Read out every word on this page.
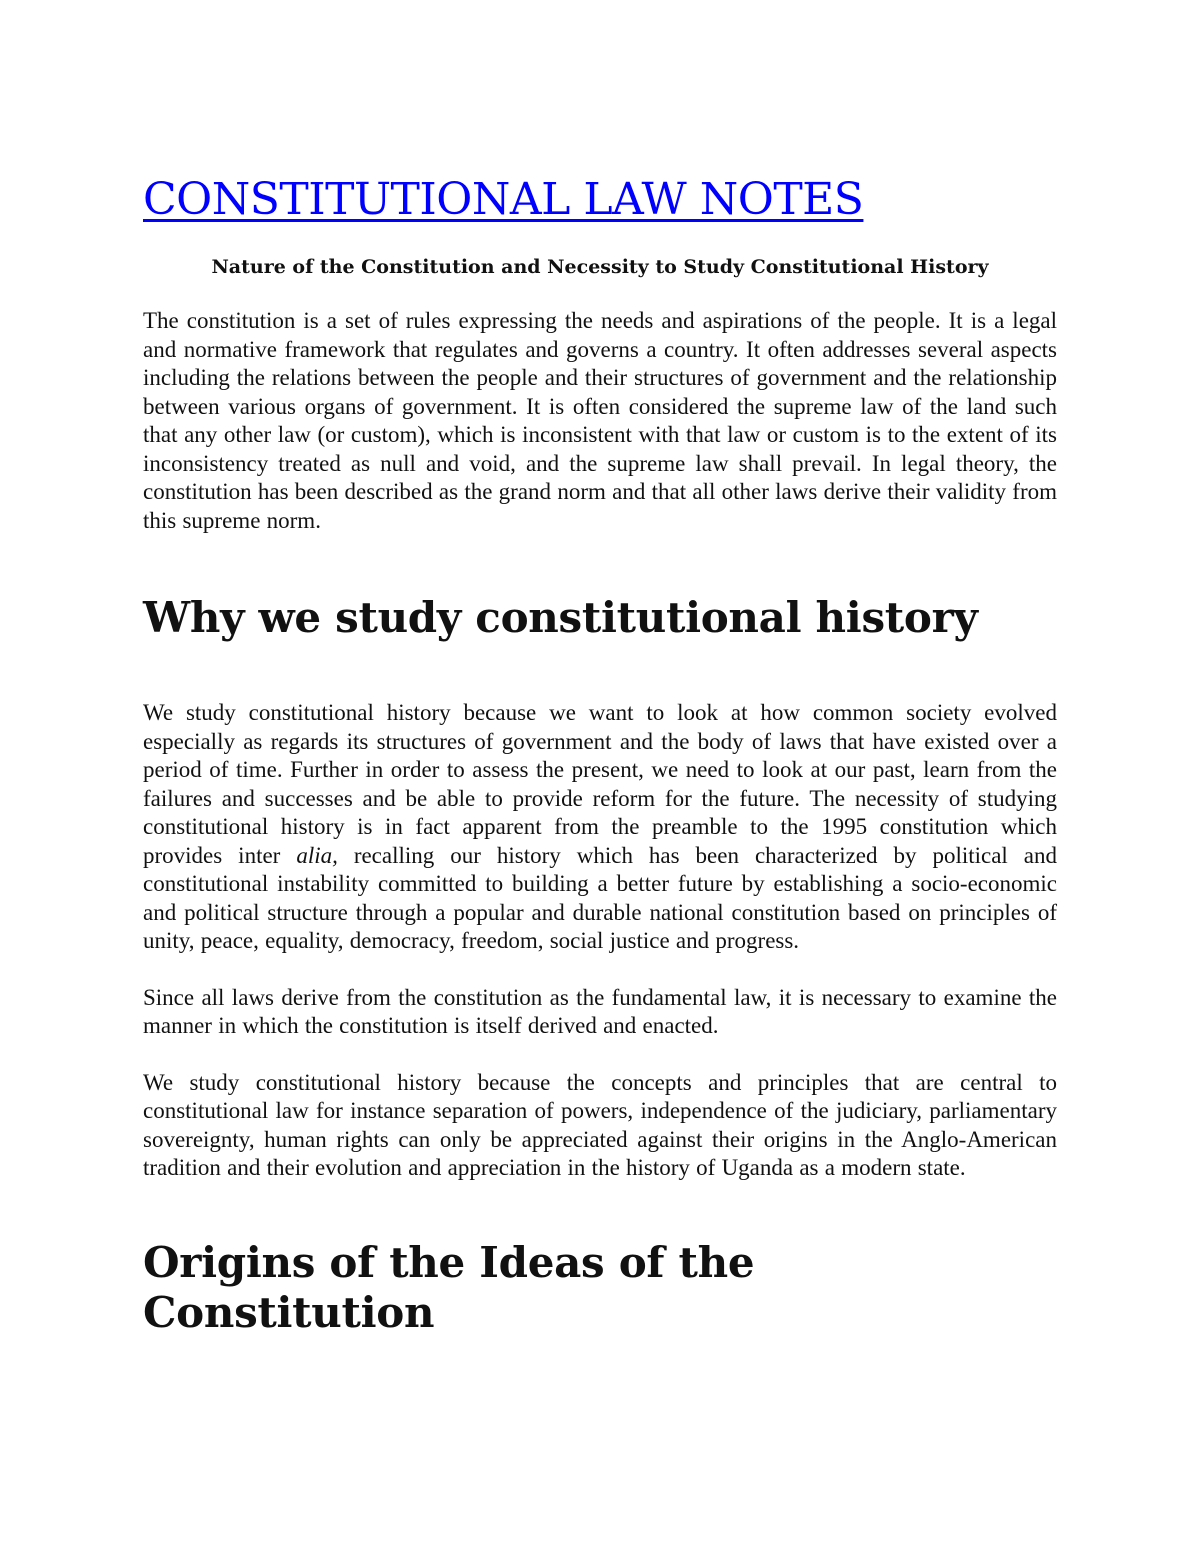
CONSTITUTIONAL LAW NOTES

Nature of the Constitution and Necessity to Study Constitutional History

The constitution is a set of rules expressing the needs and aspirations of the people. It is a legal and normative framework that regulates and governs a country. It often addresses several aspects including the relations between the people and their structures of government and the relationship between various organs of government. It is often considered the supreme law of the land such that any other law (or custom), which is inconsistent with that law or custom is to the extent of its inconsistency treated as null and void, and the supreme law shall prevail. In legal theory, the constitution has been described as the grand norm and that all other laws derive their validity from this supreme norm.

Why we study constitutional history

We study constitutional history because we want to look at how common society evolved especially as regards its structures of government and the body of laws that have existed over a period of time. Further in order to assess the present, we need to look at our past, learn from the failures and successes and be able to provide reform for the future. The necessity of studying constitutional history is in fact apparent from the preamble to the 1995 constitution which provides inter alia, recalling our history which has been characterized by political and constitutional instability committed to building a better future by establishing a socio-economic and political structure through a popular and durable national constitution based on principles of unity, peace, equality, democracy, freedom, social justice and progress.

Since all laws derive from the constitution as the fundamental law, it is necessary to examine the manner in which the constitution is itself derived and enacted.

We study constitutional history because the concepts and principles that are central to constitutional law for instance separation of powers, independence of the judiciary, parliamentary sovereignty, human rights can only be appreciated against their origins in the Anglo-American tradition and their evolution and appreciation in the history of Uganda as a modern state.

Origins of the Ideas of the Constitution
